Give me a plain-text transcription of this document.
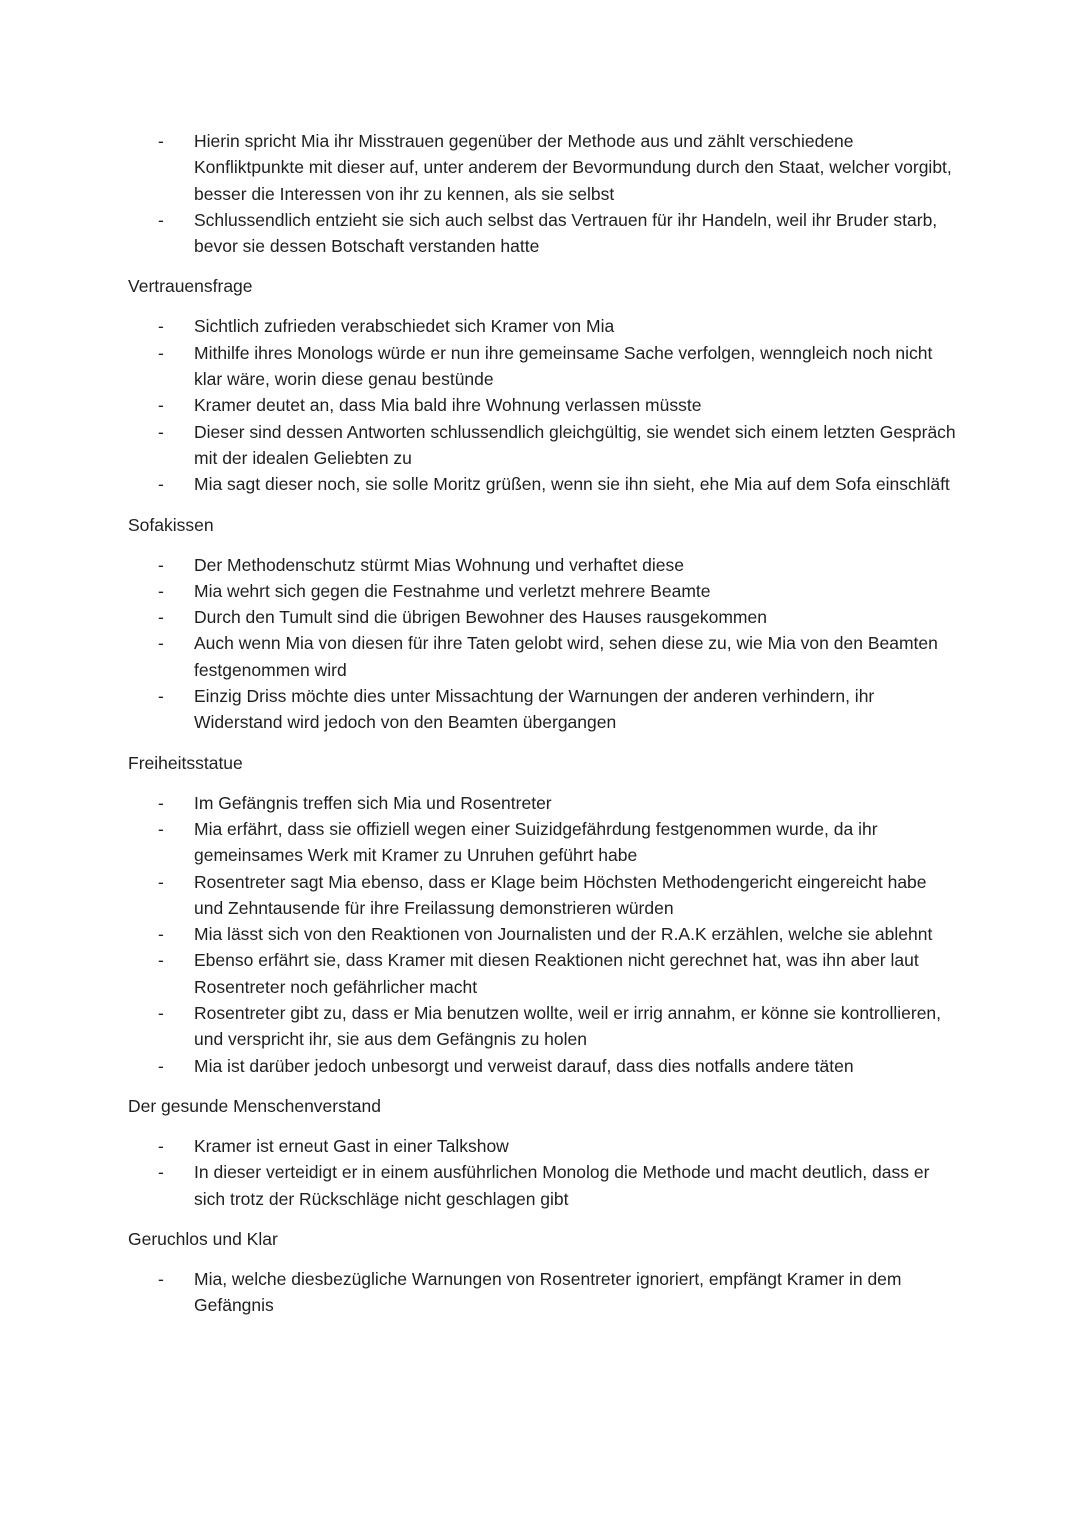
- Hierin spricht Mia ihr Misstrauen gegenüber der Methode aus und zählt verschiedene Konfliktpunkte mit dieser auf, unter anderem der Bevormundung durch den Staat, welcher vorgibt, besser die Interessen von ihr zu kennen, als sie selbst
- Schlussendlich entzieht sie sich auch selbst das Vertrauen für ihr Handeln, weil ihr Bruder starb, bevor sie dessen Botschaft verstanden hatte
Vertrauensfrage
- Sichtlich zufrieden verabschiedet sich Kramer von Mia
- Mithilfe ihres Monologs würde er nun ihre gemeinsame Sache verfolgen, wenngleich noch nicht klar wäre, worin diese genau bestünde
- Kramer deutet an, dass Mia bald ihre Wohnung verlassen müsste
- Dieser sind dessen Antworten schlussendlich gleichgültig, sie wendet sich einem letzten Gespräch mit der idealen Geliebten zu
- Mia sagt dieser noch, sie solle Moritz grüßen, wenn sie ihn sieht, ehe Mia auf dem Sofa einschläft
Sofakissen
- Der Methodenschutz stürmt Mias Wohnung und verhaftet diese
- Mia wehrt sich gegen die Festnahme und verletzt mehrere Beamte
- Durch den Tumult sind die übrigen Bewohner des Hauses rausgekommen
- Auch wenn Mia von diesen für ihre Taten gelobt wird, sehen diese zu, wie Mia von den Beamten festgenommen wird
- Einzig Driss möchte dies unter Missachtung der Warnungen der anderen verhindern, ihr Widerstand wird jedoch von den Beamten übergangen
Freiheitsstatue
- Im Gefängnis treffen sich Mia und Rosentreter
- Mia erfährt, dass sie offiziell wegen einer Suizidgefährdung festgenommen wurde, da ihr gemeinsames Werk mit Kramer zu Unruhen geführt habe
- Rosentreter sagt Mia ebenso, dass er Klage beim Höchsten Methodengericht eingereicht habe und Zehntausende für ihre Freilassung demonstrieren würden
- Mia lässt sich von den Reaktionen von Journalisten und der R.A.K erzählen, welche sie ablehnt
- Ebenso erfährt sie, dass Kramer mit diesen Reaktionen nicht gerechnet hat, was ihn aber laut Rosentreter noch gefährlicher macht
- Rosentreter gibt zu, dass er Mia benutzen wollte, weil er irrig annahm, er könne sie kontrollieren, und verspricht ihr, sie aus dem Gefängnis zu holen
- Mia ist darüber jedoch unbesorgt und verweist darauf, dass dies notfalls andere täten
Der gesunde Menschenverstand
- Kramer ist erneut Gast in einer Talkshow
- In dieser verteidigt er in einem ausführlichen Monolog die Methode und macht deutlich, dass er sich trotz der Rückschläge nicht geschlagen gibt
Geruchlos und Klar
- Mia, welche diesbezügliche Warnungen von Rosentreter ignoriert, empfängt Kramer in dem Gefängnis
